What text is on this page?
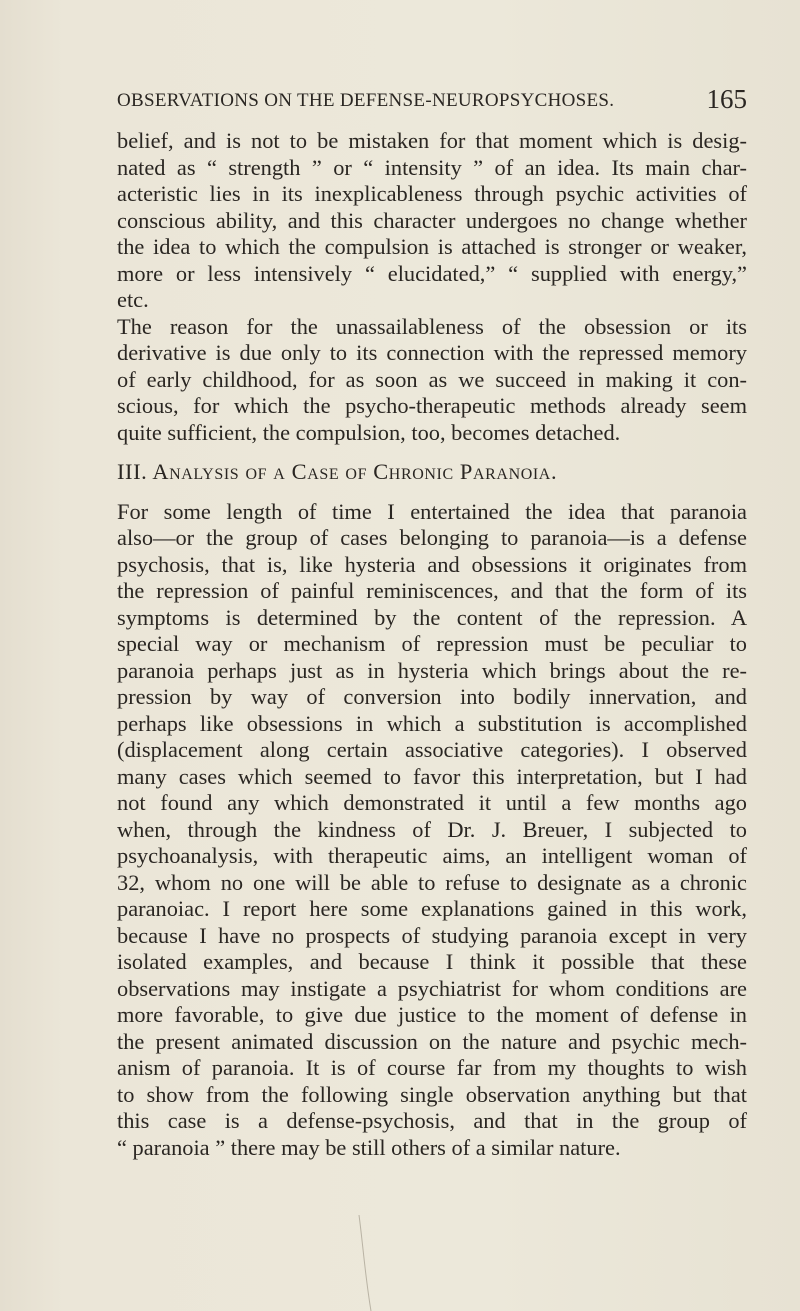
OBSERVATIONS ON THE DEFENSE-NEUROPSYCHOSES.	165
belief, and is not to be mistaken for that moment which is desig-
nated as “ strength ” or “ intensity ” of an idea. Its main char-
acteristic lies in its inexplicableness through psychic activities of
conscious ability, and this character undergoes no change whether
the idea to which the compulsion is attached is stronger or weaker,
more or less intensively “ elucidated,” “ supplied with energy,”
etc.
The reason for the unassailableness of the obsession or its
derivative is due only to its connection with the repressed memory
of early childhood, for as soon as we succeed in making it con-
scious, for which the psycho-therapeutic methods already seem
quite sufficient, the compulsion, too, becomes detached.
III. Analysis of a Case of Chronic Paranoia.
For some length of time I entertained the idea that paranoia
also—or the group of cases belonging to paranoia—is a defense
psychosis, that is, like hysteria and obsessions it originates from
the repression of painful reminiscences, and that the form of its
symptoms is determined by the content of the repression. A
special way or mechanism of repression must be peculiar to
paranoia perhaps just as in hysteria which brings about the re-
pression by way of conversion into bodily innervation, and
perhaps like obsessions in which a substitution is accomplished
(displacement along certain associative categories). I observed
many cases which seemed to favor this interpretation, but I had
not found any which demonstrated it until a few months ago
when, through the kindness of Dr. J. Breuer, I subjected to
psychoanalysis, with therapeutic aims, an intelligent woman of
32, whom no one will be able to refuse to designate as a chronic
paranoiac. I report here some explanations gained in this work,
because I have no prospects of studying paranoia except in very
isolated examples, and because I think it possible that these
observations may instigate a psychiatrist for whom conditions are
more favorable, to give due justice to the moment of defense in
the present animated discussion on the nature and psychic mech-
anism of paranoia. It is of course far from my thoughts to wish
to show from the following single observation anything but that
this case is a defense-psychosis, and that in the group of
“ paranoia ” there may be still others of a similar nature.
